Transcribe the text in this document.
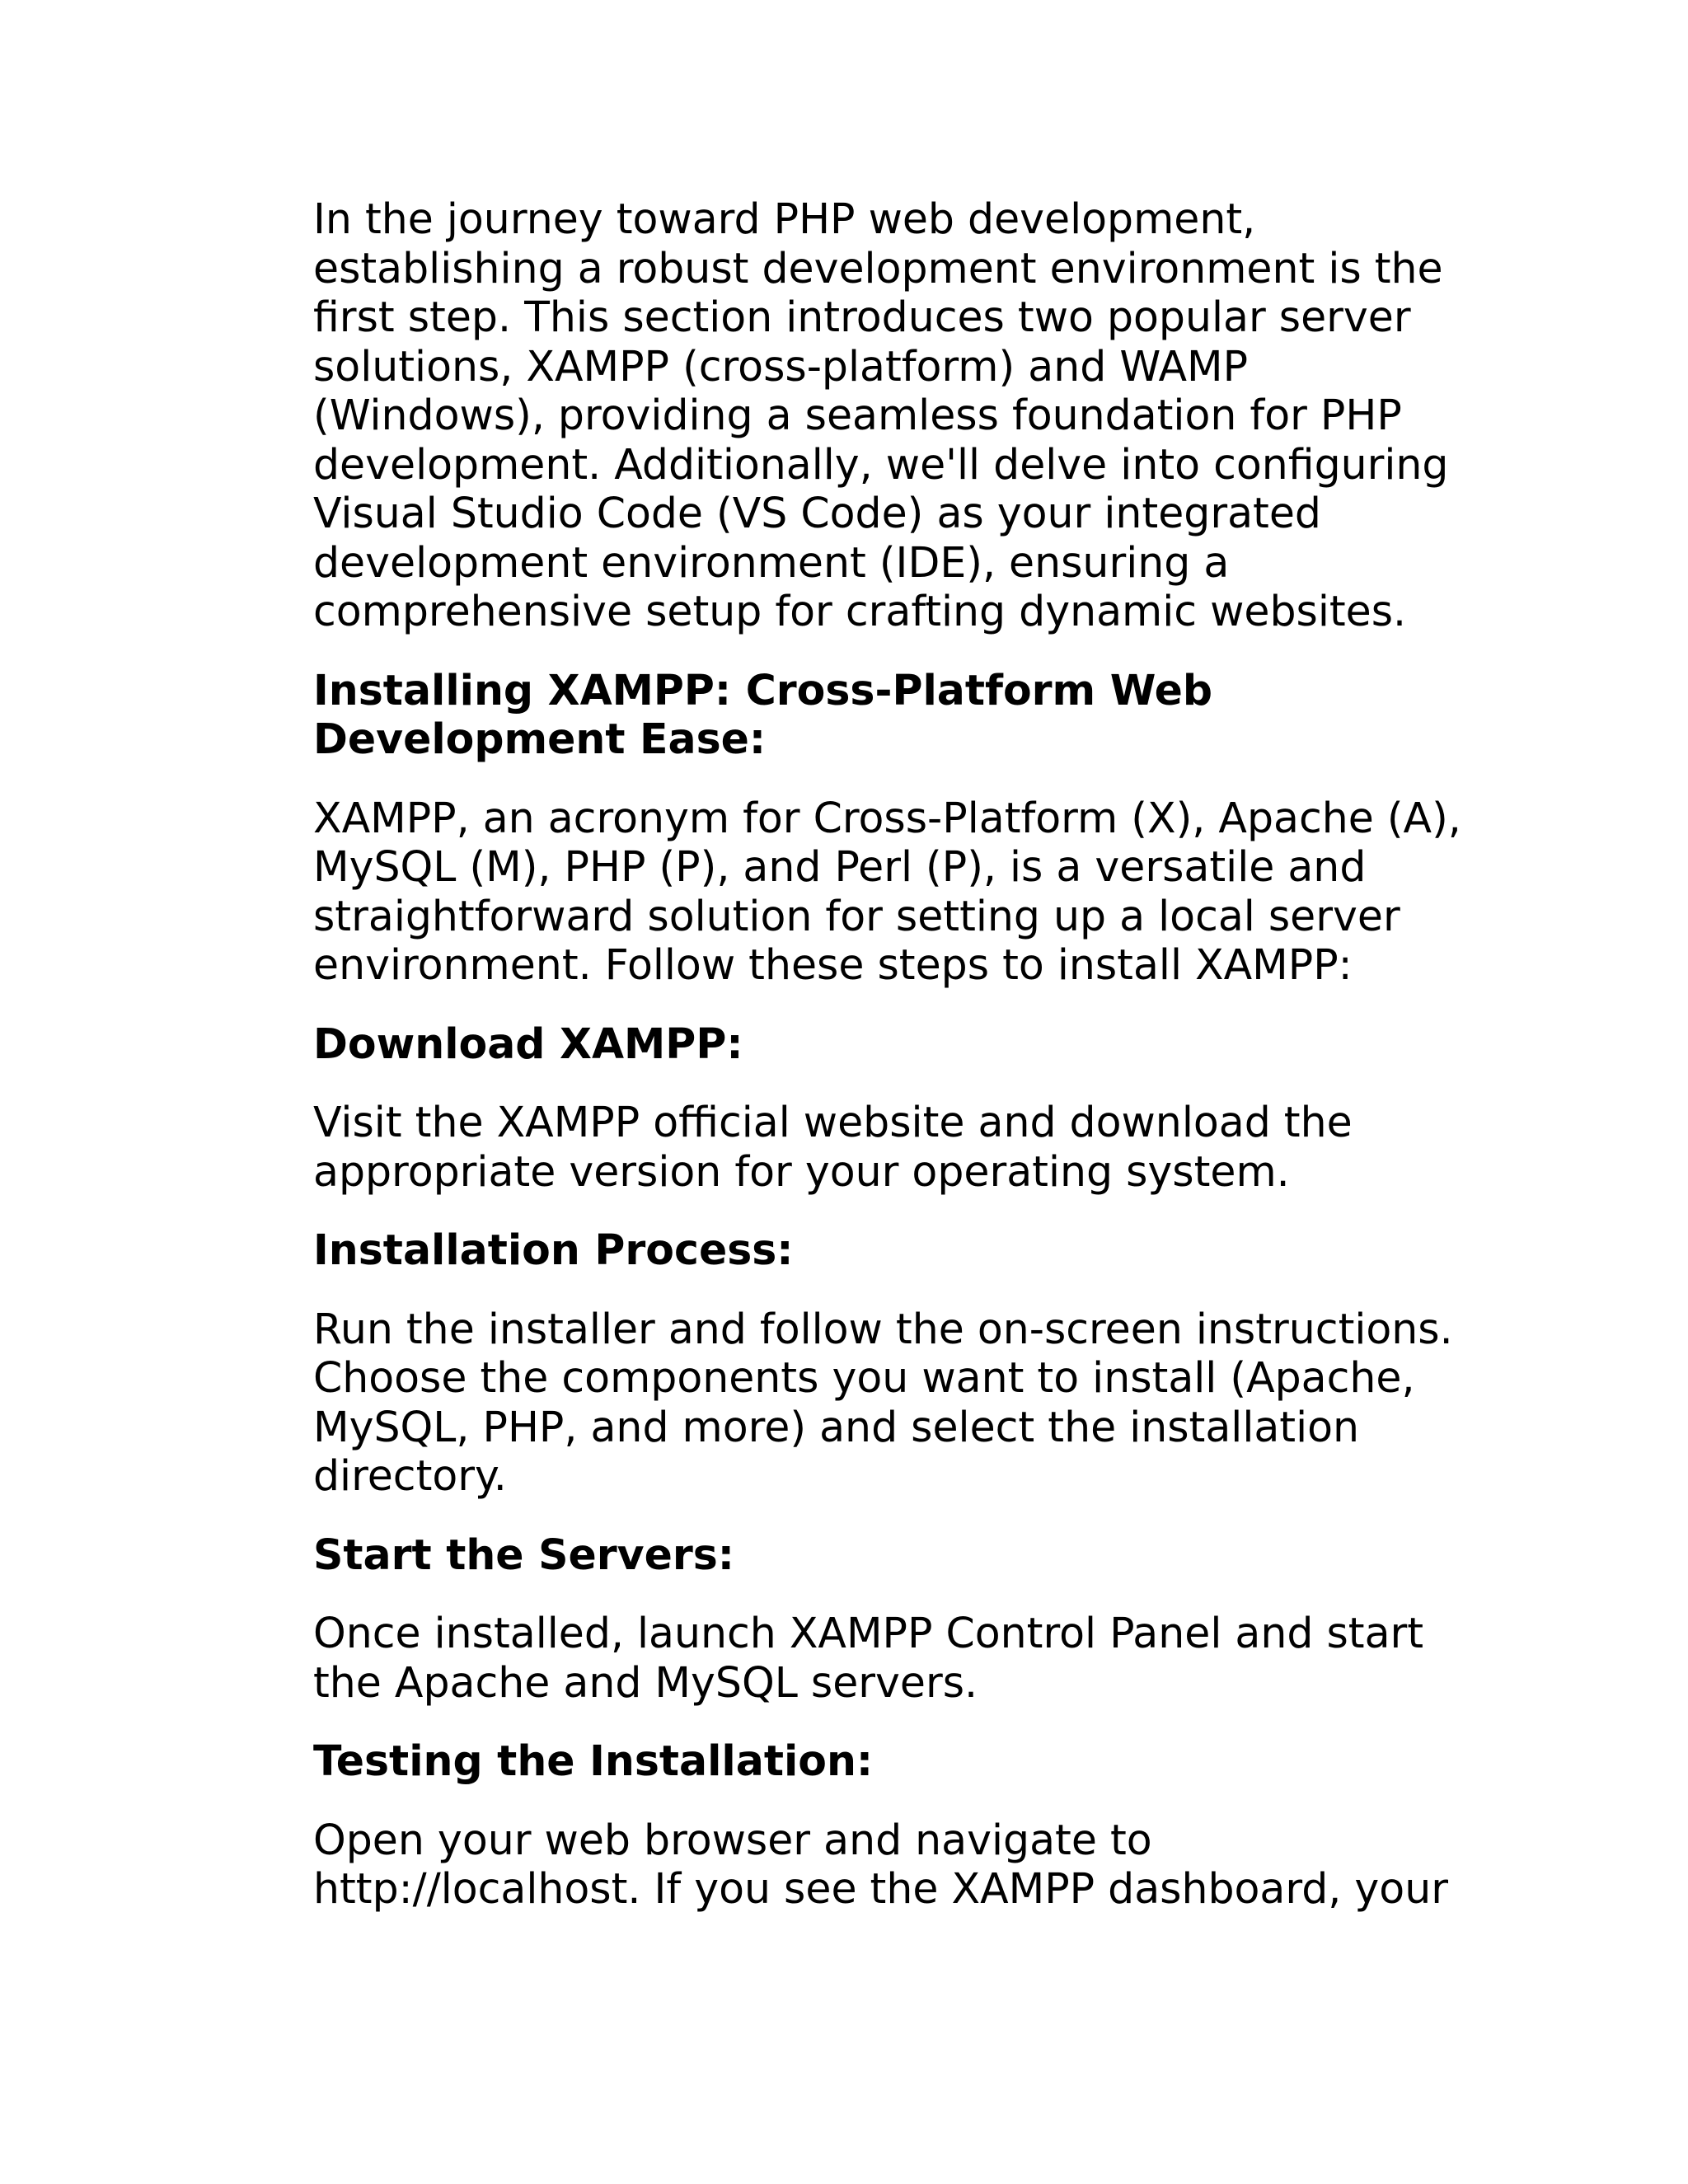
In the journey toward PHP web development, establishing a robust development environment is the first step. This section introduces two popular server solutions, XAMPP (cross-platform) and WAMP (Windows), providing a seamless foundation for PHP development. Additionally, we'll delve into configuring Visual Studio Code (VS Code) as your integrated development environment (IDE), ensuring a comprehensive setup for crafting dynamic websites.

Installing XAMPP: Cross-Platform Web Development Ease:

XAMPP, an acronym for Cross-Platform (X), Apache (A), MySQL (M), PHP (P), and Perl (P), is a versatile and straightforward solution for setting up a local server environment. Follow these steps to install XAMPP:

Download XAMPP:

Visit the XAMPP official website and download the appropriate version for your operating system.

Installation Process:

Run the installer and follow the on-screen instructions. Choose the components you want to install (Apache, MySQL, PHP, and more) and select the installation directory.

Start the Servers:

Once installed, launch XAMPP Control Panel and start the Apache and MySQL servers.

Testing the Installation:

Open your web browser and navigate to http://localhost. If you see the XAMPP dashboard, your
